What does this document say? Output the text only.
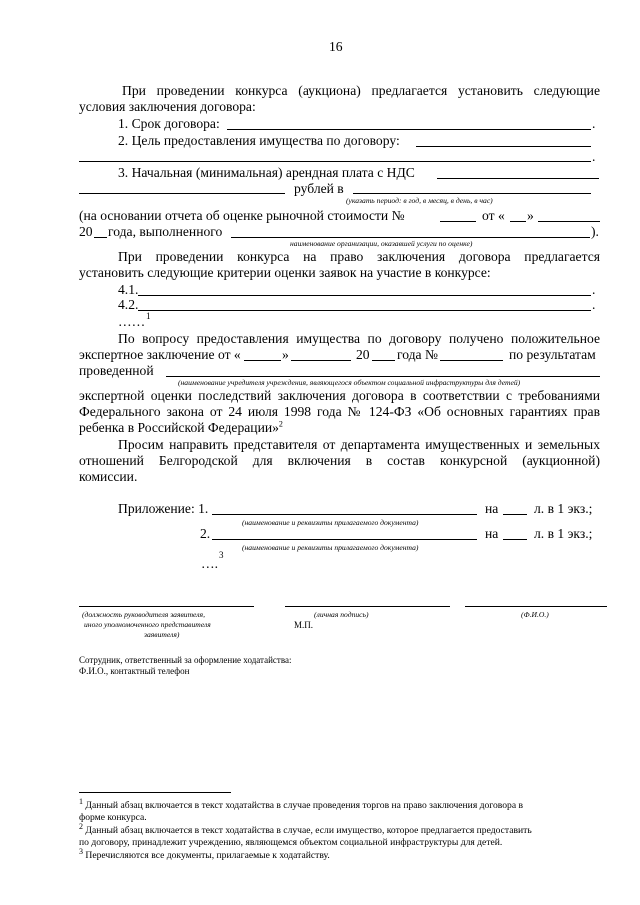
16
При проведении конкурса (аукциона) предлагается установить следующие
условия заключения договора:
1. Срок договора:	.
2. Цель предоставления имущества по договору:
.
3. Начальная (минимальная) арендная плата с НДС
рублей в
(указать период: в год, в месяц, в день, в час)
(на основании отчета об оценке рыночной стоимости №	от « »
20 года, выполненного	).
наименование организации, оказавшей услуги по оценке)
При проведении конкурса на право заключения договора предлагается
установить следующие критерии оценки заявок на участие в конкурсе:
4.1.	.
4.2.	.
1
……
По вопросу предоставления имущества по договору получено положительное
экспертное заключение от «	»	20 года №	по результатам
проведенной
(наименование учредителя учреждения, являющегося объектом социальной инфраструктуры для детей)
экспертной оценки последствий заключения договора в соответствии с требованиями
Федерального закона от 24 июля 1998 года № 124-ФЗ «Об основных гарантиях прав
ребенка в Российской Федерации»$^2$
Просим направить представителя от департамента имущественных и земельных
отношений Белгородской для включения в состав конкурсной (аукционной)
комиссии.
Приложение: 1.	на	л. в 1 экз.;
(наименование и реквизиты прилагаемого документа)
2.	на	л. в 1 экз.;
(наименование и реквизиты прилагаемого документа)
3
….
(должность руководителя заявителя,
иного уполномоченного представителя
заявителя)
(личная подпись)
М.П.
(Ф.И.О.)
Сотрудник, ответственный за оформление ходатайства:
Ф.И.О., контактный телефон
$^1$ Данный абзац включается в текст ходатайства в случае проведения торгов на право заключения договора в
форме конкурса.
$^2$ Данный абзац включается в текст ходатайства в случае, если имущество, которое предлагается предоставить
по договору, принадлежит учреждению, являющемся объектом социальной инфраструктуры для детей.
$^3$ Перечисляются все документы, прилагаемые к ходатайству.
